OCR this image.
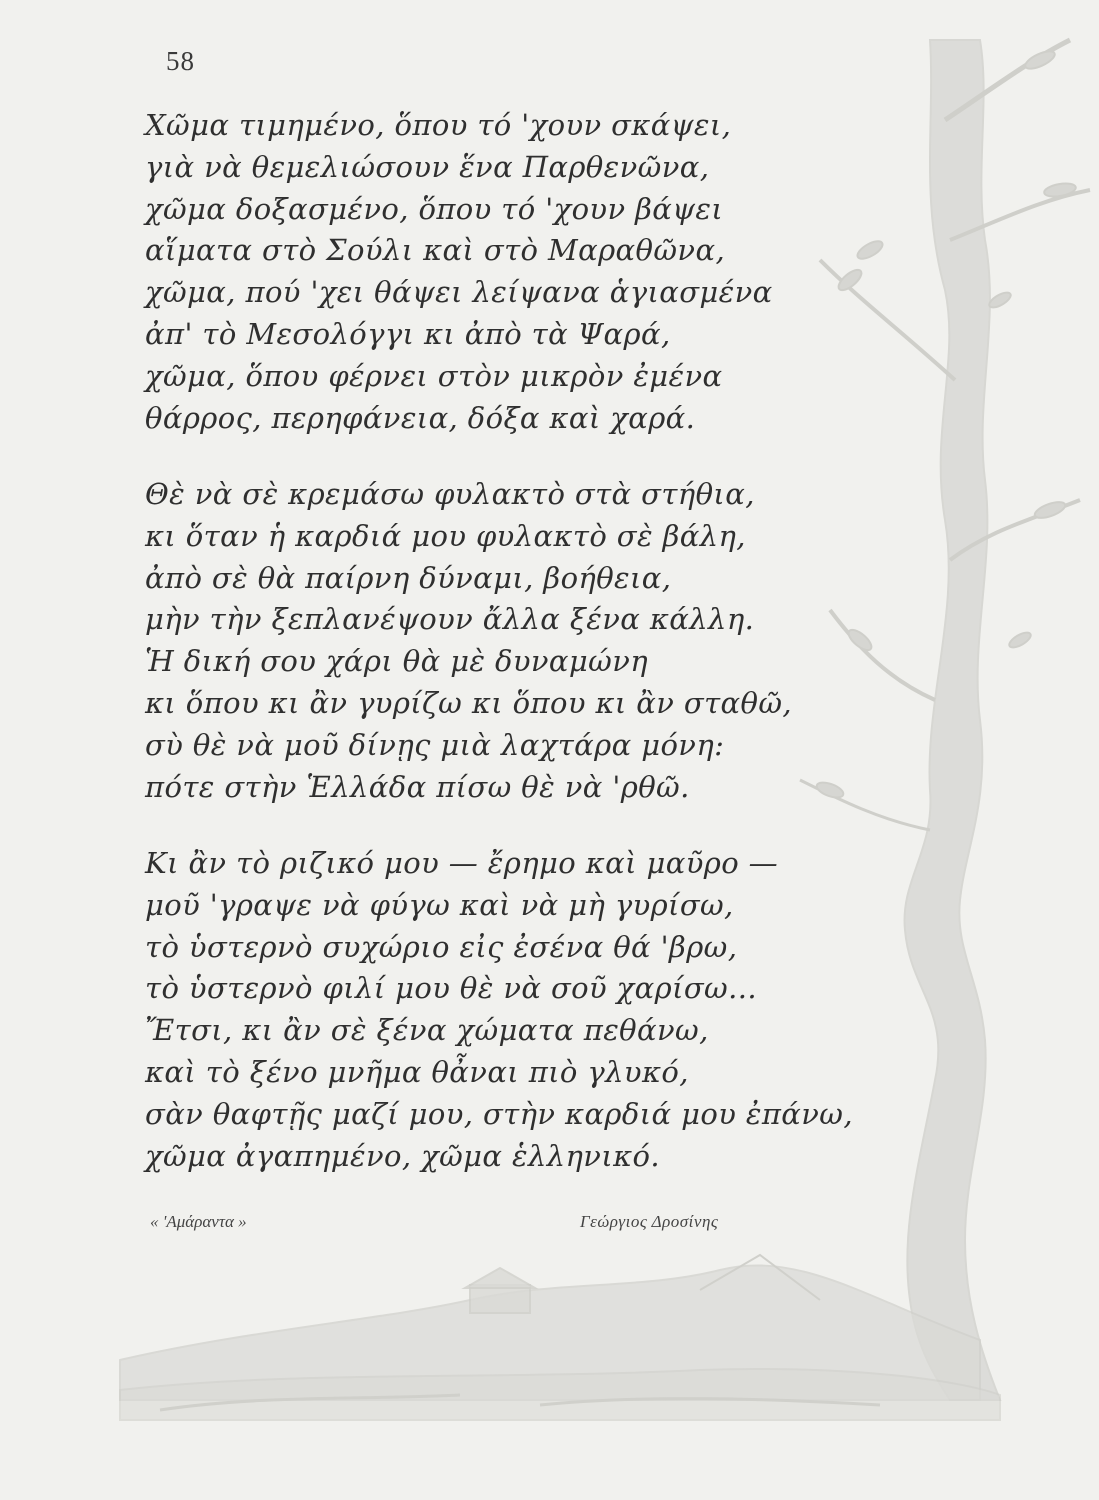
58
Χῶμα τιμημένο, ὅπου τό 'χουν σκάψει,
γιὰ νὰ θεμελιώσουν ἕνα Παρθενῶνα,
χῶμα δοξασμένο, ὅπου τό 'χουν βάψει
αἵματα στὸ Σούλι καὶ στὸ Μαραθῶνα,
χῶμα, πού 'χει θάψει λείψανα ἁγιασμένα
ἀπ' τὸ Μεσολόγγι κι ἀπὸ τὰ Ψαρά,
χῶμα, ὅπου φέρνει στὸν μικρὸν ἐμένα
θάρρος, περηφάνεια, δόξα καὶ χαρά.
Θὲ νὰ σὲ κρεμάσω φυλακτὸ στὰ στήθια,
κι ὅταν ἡ καρδιά μου φυλακτὸ σὲ βάλη,
ἀπὸ σὲ θὰ παίρνη δύναμι, βοήθεια,
μὴν τὴν ξεπλανέψουν ἄλλα ξένα κάλλη.
Ἡ δική σου χάρι θὰ μὲ δυναμώνη
κι ὅπου κι ἂν γυρίζω κι ὅπου κι ἂν σταθῶ,
σὺ θὲ νὰ μοῦ δίνῃς μιὰ λαχτάρα μόνη:
πότε στὴν Ἑλλάδα πίσω θὲ νὰ 'ρθῶ.
Κι ἂν τὸ ριζικό μου — ἔρημο καὶ μαῦρο —
μοῦ 'γραψε νὰ φύγω καὶ νὰ μὴ γυρίσω,
τὸ ὑστερνὸ συχώριο εἰς ἐσένα θά 'βρω,
τὸ ὑστερνὸ φιλί μου θὲ νὰ σοῦ χαρίσω...
Ἔτσι, κι ἂν σὲ ξένα χώματα πεθάνω,
καὶ τὸ ξένο μνῆμα θἆναι πιὸ γλυκό,
σὰν θαφτῇς μαζί μου, στὴν καρδιά μου ἐπάνω,
χῶμα ἀγαπημένο, χῶμα ἑλληνικό.
« 'Αμάραντα »	Γεώργιος Δροσίνης
